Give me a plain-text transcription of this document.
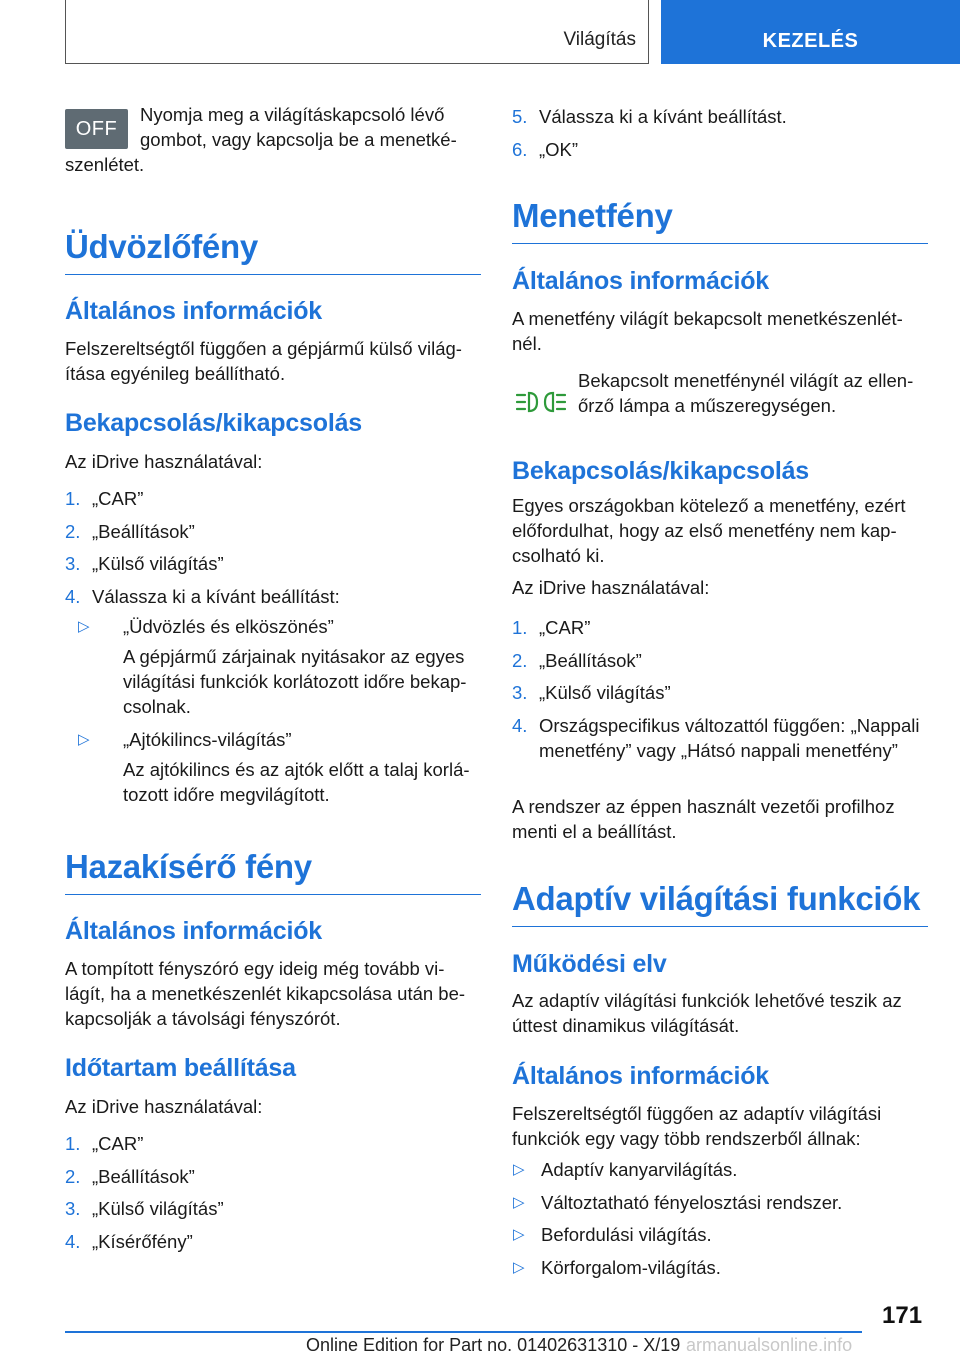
Világítás	KEZELÉS
OFF

Nyomja meg a világításkapcsoló lévő
gombot, vagy kapcsolja be a menetké-

szenlétet.

Üdvözlőfény
Általános információk

Felszereltségtől függően a gépjármű külső világ-ítása egyénileg beállítható.

Bekapcsolás/kikapcsolás

Az iDrive használatával:

1. „CAR”
2. „Beállítások”
3. „Külső világítás”
4. Válassza ki a kívánt beállítást:

▷ „Üdvözlés és elköszönés”

A gépjármű zárjainak nyitásakor az egyes világítási funkciók korlátozott időre bekap-csolnak.

▷ „Ajtókilincs-világítás”

Az ajtókilincs és az ajtók előtt a talaj korlá-tozott időre megvilágított.

Hazakísérő fény
Általános információk

A tompított fényszóró egy ideig még tovább vi-lágít, ha a menetkészenlét kikapcsolása után be-kapcsolják a távolsági fényszórót.

Időtartam beállítása

Az iDrive használatával:

1. „CAR”
2. „Beállítások”
3. „Külső világítás”
4. „Kísérőfény”
5. Válassza ki a kívánt beállítást.
6. „OK”
Menetfény
Általános információk

A menetfény világít bekapcsolt menetkészenlét-nél.

Bekapcsolt menetfénynél világít az ellen-őrző lámpa a műszeregységen.

Bekapcsolás/kikapcsolás

Egyes országokban kötelező a menetfény, ezért előfordulhat, hogy az első menetfény nem kap-csolható ki.

Az iDrive használatával:

1. „CAR”
2. „Beállítások”
3. „Külső világítás”
4. Országspecifikus változattól függően: „Nappali menetfény” vagy „Hátsó nappali menetfény”

A rendszer az éppen használt vezetői profilhoz menti el a beállítást.

Adaptív világítási funkciók
Működési elv

Az adaptív világítási funkciók lehetővé teszik az úttest dinamikus világítását.

Általános információk

Felszereltségtől függően az adaptív világítási funkciók egy vagy több rendszerből állnak:

▷ Adaptív kanyarvilágítás.
▷ Változtatható fényelosztási rendszer.
▷ Befordulási világítás.
▷ Körforgalom-világítás.
171
Online Edition for Part no. 01402631310 - X/19 armanualsonline.info
